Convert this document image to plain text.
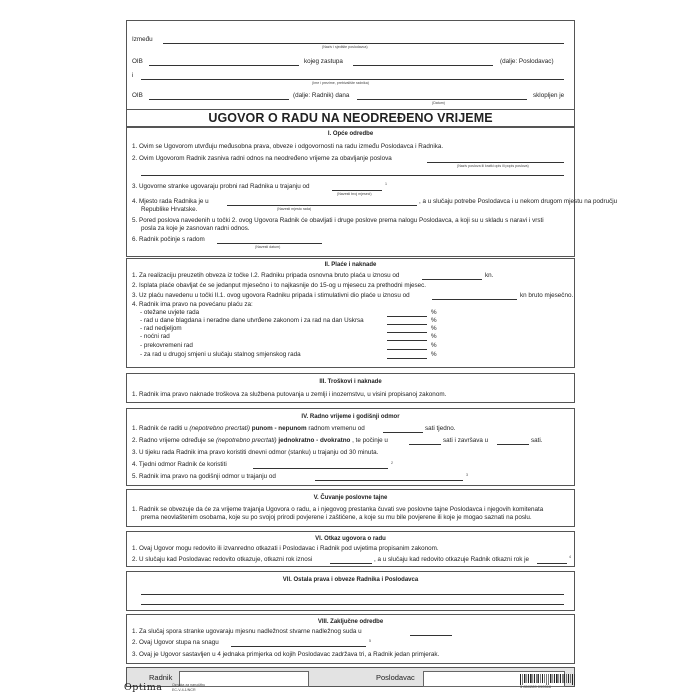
Između
(Naziv i sjedište poslodavca)
OIB	kojeg zastupa	(dalje: Poslodavac)
i
(Ime i prezime, prebivalište radnika)
OIB	(dalje: Radnik) dana
(Datum)
sklopljen je
UGOVOR O RADU NA NEODREĐENO VRIJEME
I. Opće odredbe
1. Ovim se Ugovorom utvrđuju međusobna prava, obveze i odgovornosti na radu između Poslodavca i Radnika.
2. Ovim Ugovorom Radnik zasniva radni odnos na neodređeno vrijeme za obavljanje poslova
(Naziv poslova ili kratki opis ili popis poslova)
3. Ugovorne stranke ugovaraju probni rad Radnika u trajanju od
(Navesti broj mjeseci)
1
4. Mjesto rada Radnika je u
(Navesti mjesto rada)
, a u slučaju potrebe Poslodavca i u nekom drugom mjestu na području
Republike Hrvatske.
5. Pored poslova navedenih u točki 2. ovog Ugovora Radnik će obavljati i druge poslove prema nalogu Poslodavca, a koji su u skladu s naravi i vrsti
posla za koje je zasnovan radni odnos.
6. Radnik počinje s radom
(Navesti datum)
II. Plaće i naknade
1. Za realizaciju preuzetih obveza iz točke I.2. Radniku pripada osnovna bruto plaća u iznosu od	kn.
2. Isplata plaće obavljat će se jedanput mjesečno i to najkasnije do 15-og u mjesecu za prethodni mjesec.
3. Uz plaću navedenu u točki II.1. ovog ugovora Radniku pripada i stimulativni dio plaće u iznosu od	kn bruto mjesečno.
4. Radnik ima pravo na povećanu plaću za:
- otežane uvjete rada	%
- rad u dane blagdana i neradne dane utvrđene zakonom i za rad na dan Uskrsa	%
- rad nedjeljom	%
- noćni rad	%
- prekovremeni rad	%
- za rad u drugoj smjeni u slučaju stalnog smjenskog rada	%
III. Troškovi i naknade
1. Radnik ima pravo naknade troškova za službena putovanja u zemlji i inozemstvu, u visini propisanoj zakonom.
IV. Radno vrijeme i godišnji odmor
1. Radnik će raditi u (nepotrebno precrtati) punom - nepunom radnom vremenu od	sati tjedno.
2. Radno vrijeme određuje se (nepotrebno precrtati) jednokratno - dvokratno , te počinje u	sati i završava u	sati.
3. U tijeku rada Radnik ima pravo koristiti dnevni odmor (stanku) u trajanju od 30 minuta.
4. Tjedni odmor Radnik će koristiti	2
5. Radnik ima pravo na godišnji odmor u trajanju od	3
V. Čuvanje poslovne tajne
1. Radnik se obvezuje da će za vrijeme trajanja Ugovora o radu, a i njegovog prestanka čuvati sve poslovne tajne Poslodavca i njegovih komitenata
prema neovlaštenim osobama, koje su po svojoj prirodi povjerene i zaštićene, a koje su mu bile povjerene ili koje je mogao saznati na poslu.
VI. Otkaz ugovora o radu
1. Ovaj Ugovor mogu redovito ili izvanredno otkazati i Poslodavac i Radnik pod uvjetima propisanim zakonom.
2. U slučaju kad Poslodavac redovito otkazuje, otkazni rok iznosi	, a u slučaju kad redovito otkazuje Radnik otkazni rok je	4
VII. Ostala prava i obveze Radnika i Poslodavca
VIII. Zaključne odredbe
1. Za slučaj spora stranke ugovaraju mjesnu nadležnost stvarne nadležnog suda u
2. Ovaj Ugovor stupa na snagu	5
3. Ovaj je Ugovor sastavljen u 4 jednaka primjerka od kojih Poslodavac zadržava tri, a Radnik jedan primjerak.
Radnik	Poslodavac
Optima	Oznaka za narudžbu
EC-V-4-1/NCR
3 850289 090516
